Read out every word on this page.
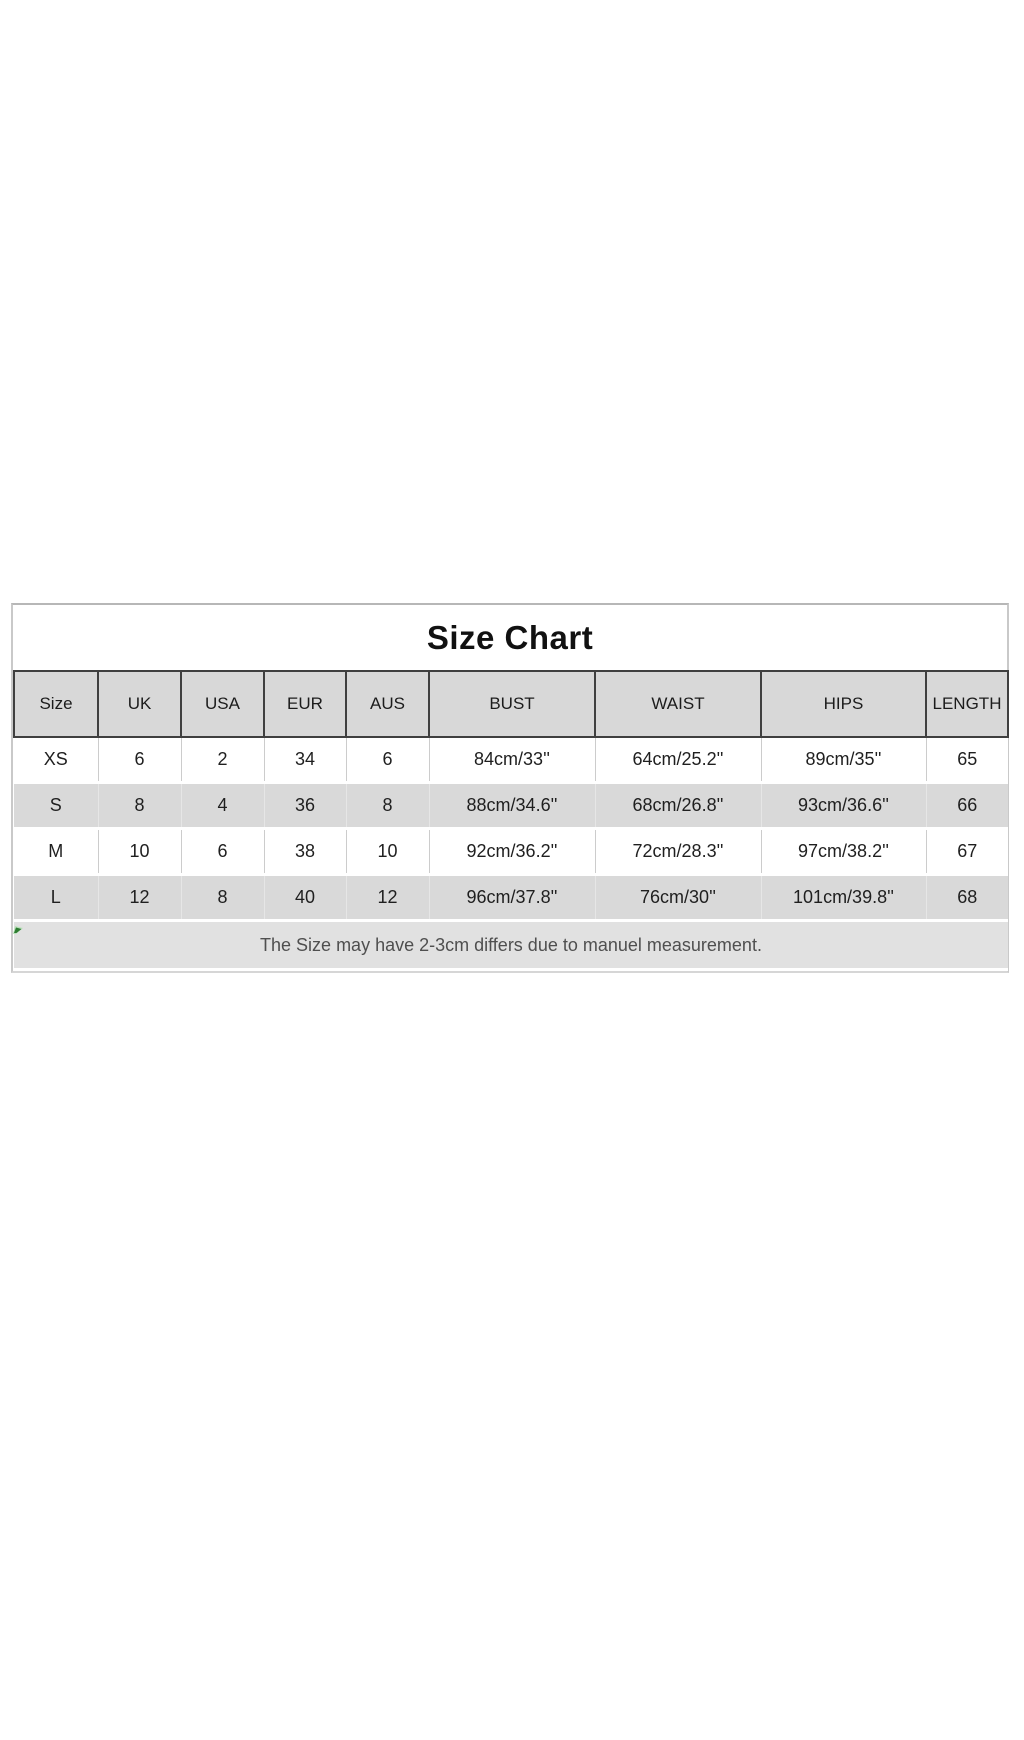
Size Chart
Size	UK	USA	EUR	AUS	BUST	WAIST	HIPS	LENGTH
XS	6	2	34	6	84cm/33''	64cm/25.2''	89cm/35''	65
S	8	4	36	8	88cm/34.6''	68cm/26.8''	93cm/36.6''	66
M	10	6	38	10	92cm/36.2''	72cm/28.3''	97cm/38.2''	67
L	12	8	40	12	96cm/37.8''	76cm/30''	101cm/39.8''	68
The Size may have 2-3cm differs due to manuel measurement.								
